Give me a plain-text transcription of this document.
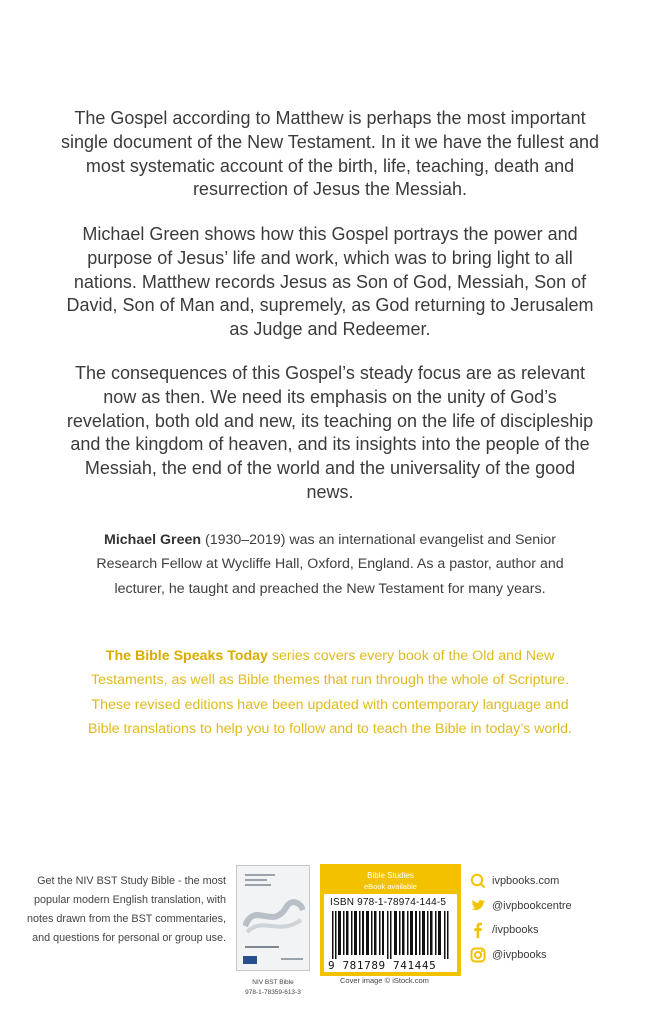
The Gospel according to Matthew is perhaps the most important single document of the New Testament. In it we have the fullest and most systematic account of the birth, life, teaching, death and resurrection of Jesus the Messiah.

Michael Green shows how this Gospel portrays the power and purpose of Jesus’ life and work, which was to bring light to all nations. Matthew records Jesus as Son of God, Messiah, Son of David, Son of Man and, supremely, as God returning to Jerusalem as Judge and Redeemer.

The consequences of this Gospel’s steady focus are as relevant now as then. We need its emphasis on the unity of God’s revelation, both old and new, its teaching on the life of discipleship and the kingdom of heaven, and its insights into the people of the Messiah, the end of the world and the universality of the good news.

Michael Green (1930–2019) was an international evangelist and Senior Research Fellow at Wycliffe Hall, Oxford, England. As a pastor, author and lecturer, he taught and preached the New Testament for many years.

The Bible Speaks Today series covers every book of the Old and New Testaments, as well as Bible themes that run through the whole of Scripture. These revised editions have been updated with contemporary language and Bible translations to help you to follow and to teach the Bible in today’s world.

Get the NIV BST Study Bible - the most popular modern English translation, with notes drawn from the BST commentaries, and questions for personal or group use.

NIV BST Bible
978-1-78359-613-3
Bible Studies
eBook available
ISBN 978-1-78974-144-5
9 781789 741445
Cover image © iStock.com
ivpbooks.com
@ivpbookcentre
/ivpbooks
@ivpbooks
